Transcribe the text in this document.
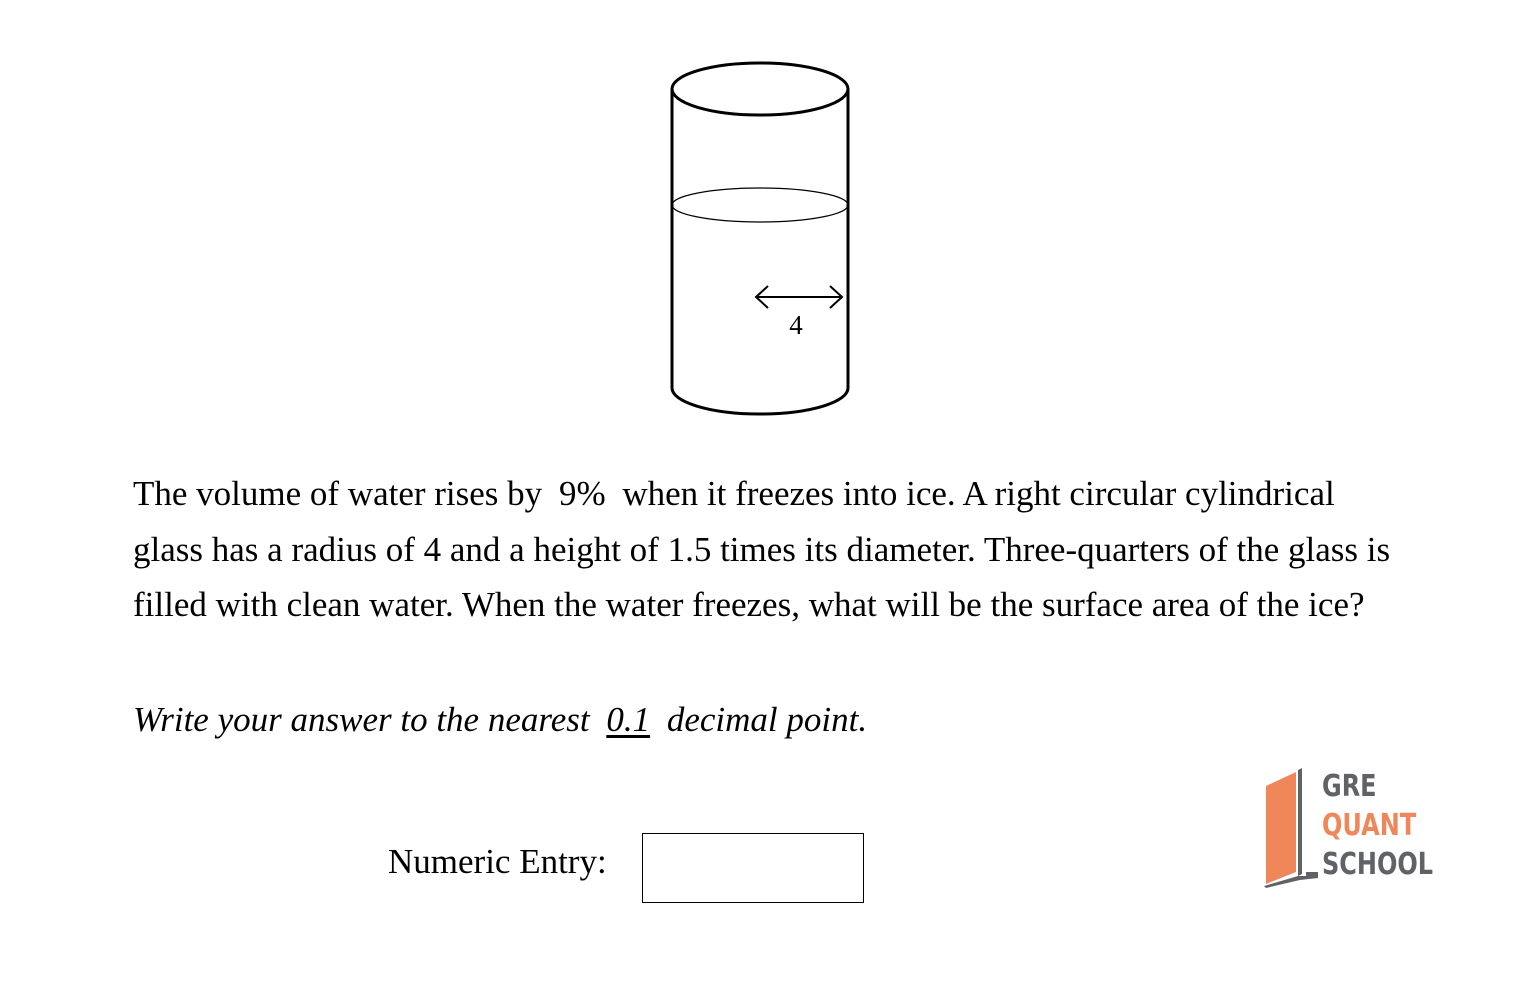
4
The volume of water rises by 9% when it freezes into ice. A right circular cylindrical glass has a radius of 4 and a height of 1.5 times its diameter. Three-quarters of the glass is filled with clean water. When the water freezes, what will be the surface area of the ice?
Write your answer to the nearest 0.1 decimal point.
Numeric Entry:
GRE
QUANT
SCHOOL
